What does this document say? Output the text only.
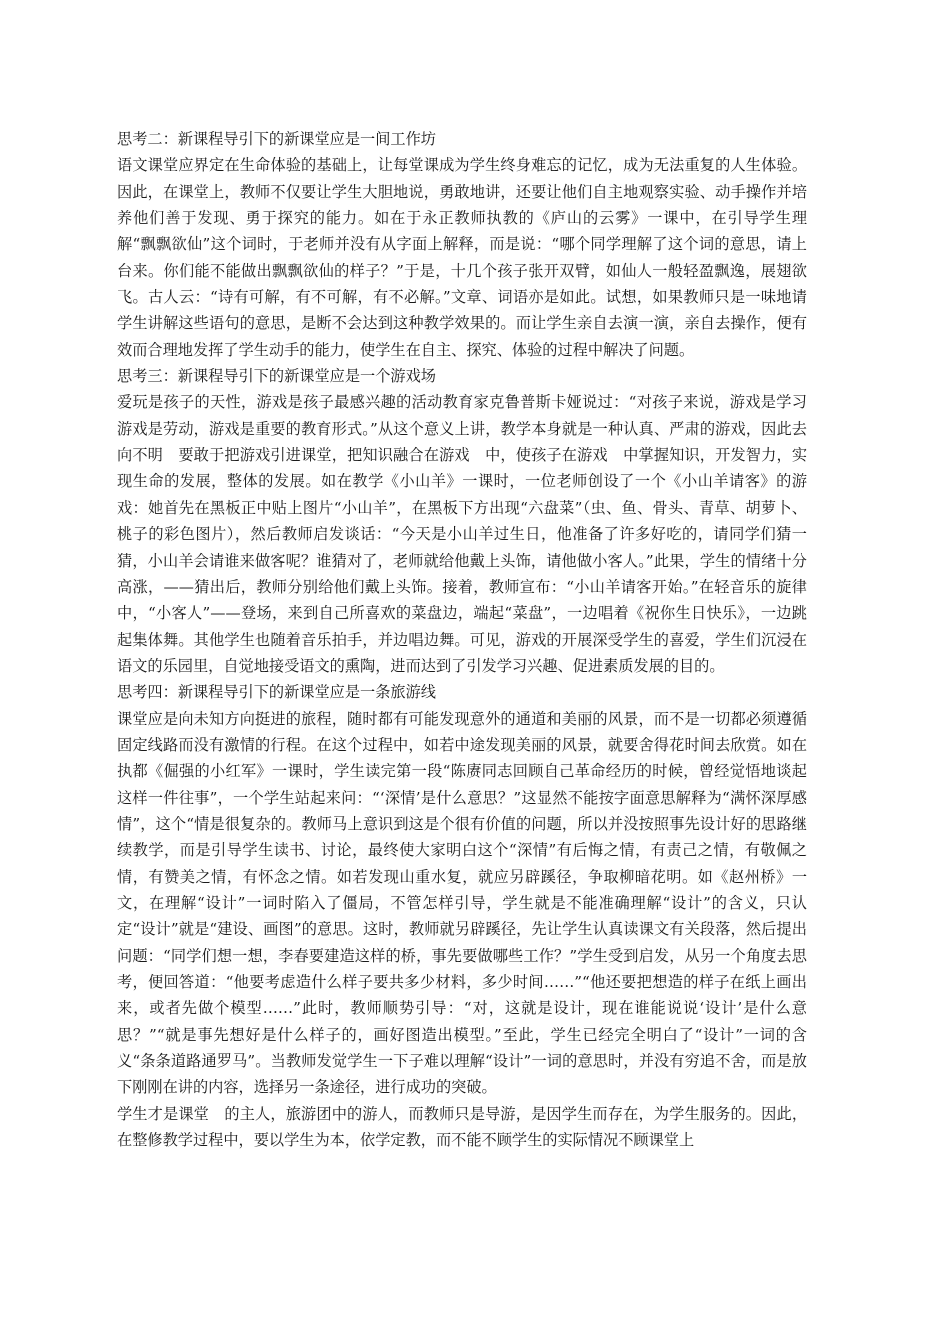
思考二：新课程导引下的新课堂应是一间工作坊

语文课堂应界定在生命体验的基础上，让每堂课成为学生终身难忘的记忆，成为无法重复的人生体验。因此，在课堂上，教师不仅要让学生大胆地说，勇敢地讲，还要让他们自主地观察实验、动手操作并培养他们善于发现、勇于探究的能力。如在于永正教师执教的《庐山的云雾》一课中，在引导学生理解“飘飘欲仙”这个词时，于老师并没有从字面上解释，而是说：“哪个同学理解了这个词的意思，请上台来。你们能不能做出飘飘欲仙的样子？”于是，十几个孩子张开双臂，如仙人一般轻盈飘逸，展翅欲飞。古人云：“诗有可解，有不可解，有不必解。”文章、词语亦是如此。试想，如果教师只是一味地请学生讲解这些语句的意思，是断不会达到这种教学效果的。而让学生亲自去演一演，亲自去操作，便有效而合理地发挥了学生动手的能力，使学生在自主、探究、体验的过程中解决了问题。

思考三：新课程导引下的新课堂应是一个游戏场

爱玩是孩子的天性，游戏是孩子最感兴趣的活动教育家克鲁普斯卡娅说过：“对孩子来说，游戏是学习游戏是劳动，游戏是重要的教育形式。”从这个意义上讲，教学本身就是一种认真、严肃的游戏，因此去向不明　要敢于把游戏引进课堂，把知识融合在游戏　中，使孩子在游戏　中掌握知识，开发智力，实现生命的发展，整体的发展。如在教学《小山羊》一课时，一位老师创设了一个《小山羊请客》的游戏：她首先在黑板正中贴上图片“小山羊”，在黑板下方出现“六盘菜”（虫、鱼、骨头、青草、胡萝卜、桃子的彩色图片），然后教师启发谈话：“今天是小山羊过生日，他准备了许多好吃的，请同学们猜一猜，小山羊会请谁来做客呢？谁猜对了，老师就给他戴上头饰，请他做小客人。”此果，学生的情绪十分高涨，——猜出后，教师分别给他们戴上头饰。接着，教师宣布：“小山羊请客开始。”在轻音乐的旋律中，“小客人”——登场，来到自己所喜欢的菜盘边，端起“菜盘”，一边唱着《祝你生日快乐》，一边跳起集体舞。其他学生也随着音乐拍手，并边唱边舞。可见，游戏的开展深受学生的喜爱，学生们沉浸在语文的乐园里，自觉地接受语文的熏陶，进而达到了引发学习兴趣、促进素质发展的目的。

思考四：新课程导引下的新课堂应是一条旅游线

课堂应是向未知方向挺进的旅程，随时都有可能发现意外的通道和美丽的风景，而不是一切都必须遵循固定线路而没有激情的行程。在这个过程中，如若中途发现美丽的风景，就要舍得花时间去欣赏。如在执都《倔强的小红军》一课时，学生读完第一段“陈赓同志回顾自己革命经历的时候，曾经觉悟地谈起这样一件往事”，一个学生站起来问：“‘深情’是什么意思？”这显然不能按字面意思解释为“满怀深厚感情”，这个“情是很复杂的。教师马上意识到这是个很有价值的问题，所以并没按照事先设计好的思路继续教学，而是引导学生读书、讨论，最终使大家明白这个“深情”有后悔之情，有责己之情，有敬佩之情，有赞美之情，有怀念之情。如若发现山重水复，就应另辟蹊径，争取柳暗花明。如《赵州桥》一文，在理解“设计”一词时陷入了僵局，不管怎样引导，学生就是不能准确理解“设计”的含义，只认定“设计”就是“建设、画图”的意思。这时，教师就另辟蹊径，先让学生认真读课文有关段落，然后提出问题：“同学们想一想，李春要建造这样的桥，事先要做哪些工作？”学生受到启发，从另一个角度去思考，便回答道：“他要考虑造什么样子要共多少材料，多少时间……”“他还要把想造的样子在纸上画出来，或者先做个模型……”此时，教师顺势引导：“对，这就是设计，现在谁能说说‘设计’是什么意思？”“就是事先想好是什么样子的，画好图造出模型。”至此，学生已经完全明白了“设计”一词的含义“条条道路通罗马”。当教师发觉学生一下子难以理解“设计”一词的意思时，并没有穷追不舍，而是放下刚刚在讲的内容，选择另一条途径，进行成功的突破。

学生才是课堂　的主人，旅游团中的游人，而教师只是导游，是因学生而存在，为学生服务的。因此，在整修教学过程中，要以学生为本，依学定教，而不能不顾学生的实际情况不顾课堂上
